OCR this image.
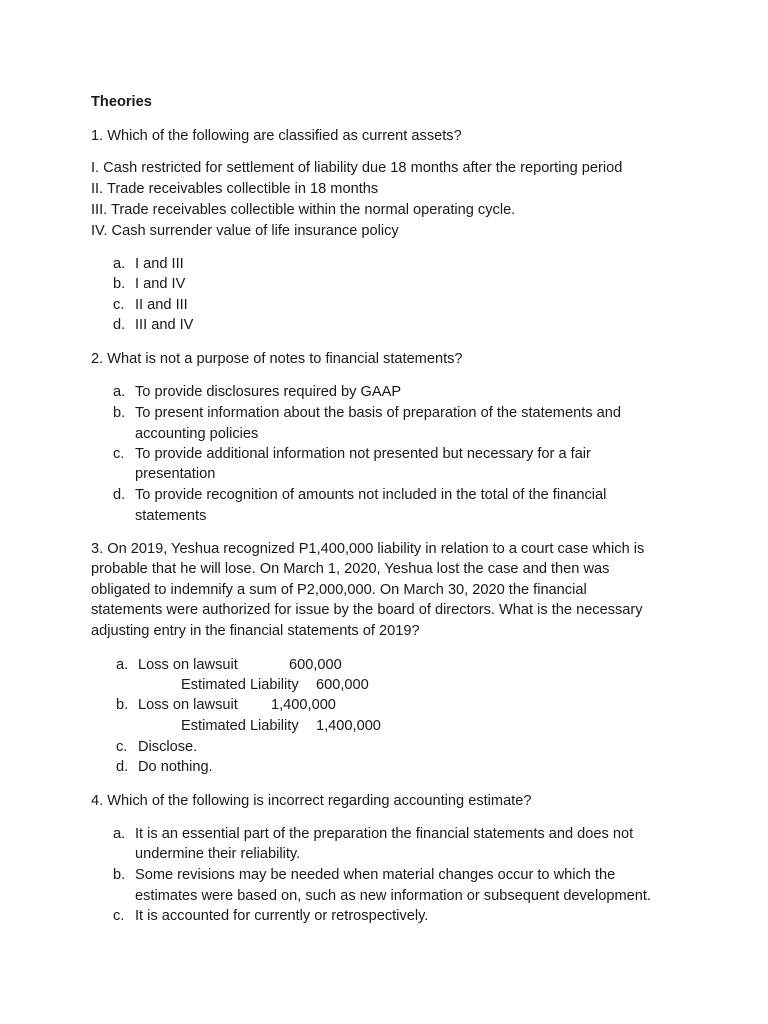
Theories
1. Which of the following are classified as current assets?
I. Cash restricted for settlement of liability due 18 months after the reporting period
II. Trade receivables collectible in 18 months
III. Trade receivables collectible within the normal operating cycle.
IV. Cash surrender value of life insurance policy
a. I and III
b. I and IV
c. II and III
d. III and IV
2. What is not a purpose of notes to financial statements?
a. To provide disclosures required by GAAP
b. To present information about the basis of preparation of the statements and
accounting policies
c. To provide additional information not presented but necessary for a fair
presentation
d. To provide recognition of amounts not included in the total of the financial
statements
3. On 2019, Yeshua recognized P1,400,000 liability in relation to a court case which is
probable that he will lose. On March 1, 2020, Yeshua lost the case and then was
obligated to indemnify a sum of P2,000,000. On March 30, 2020 the financial
statements were authorized for issue by the board of directors. What is the necessary
adjusting entry in the financial statements of 2019?
a. Loss on lawsuit	600,000
Estimated Liability 600,000
b. Loss on lawsuit 1,400,000
Estimated Liability 1,400,000
c. Disclose.
d. Do nothing.
4. Which of the following is incorrect regarding accounting estimate?
a. It is an essential part of the preparation the financial statements and does not
undermine their reliability.
b. Some revisions may be needed when material changes occur to which the
estimates were based on, such as new information or subsequent development.
c. It is accounted for currently or retrospectively.
